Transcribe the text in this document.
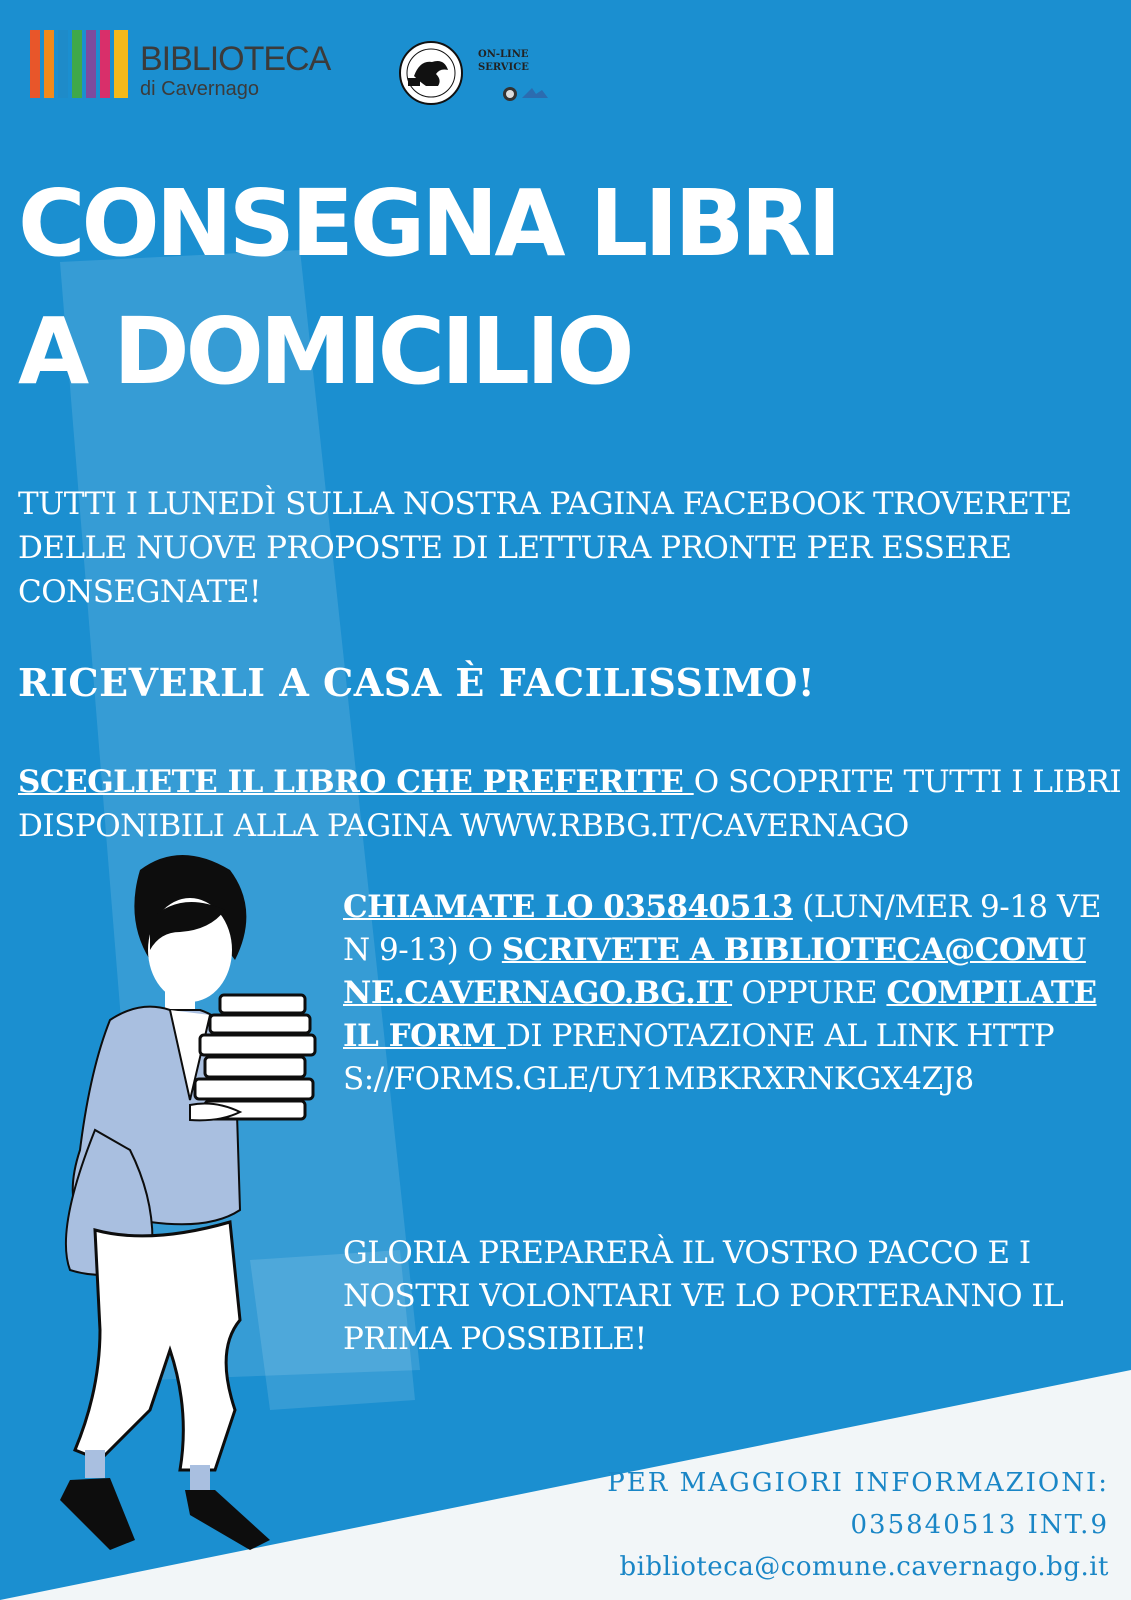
BIBLIOTECA
di Cavernago
ON-LINE
SERVICE
CONSEGNA LIBRI
A DOMICILIO
TUTTI I LUNEDÌ SULLA NOSTRA PAGINA FACEBOOK TROVERETE DELLE NUOVE PROPOSTE DI LETTURA PRONTE PER ESSERE CONSEGNATE!
RICEVERLI A CASA È FACILISSIMO!
SCEGLIETE IL LIBRO CHE PREFERITE O SCOPRITE TUTTI I LIBRI DISPONIBILI ALLA PAGINA WWW.RBBG.IT/CAVERNAGO
CHIAMATE LO 035840513 (LUN/MER 9-18 VEN 9-13) O SCRIVETE A BIBLIOTECA@COMUNE.CAVERNAGO.BG.IT OPPURE COMPILATE IL FORM DI PRENOTAZIONE AL LINK HTTPS://FORMS.GLE/UY1MBKRXRNKGX4ZJ8
GLORIA PREPARERÀ IL VOSTRO PACCO E I NOSTRI VOLONTARI VE LO PORTERANNO IL PRIMA POSSIBILE!
PER MAGGIORI INFORMAZIONI:
035840513 INT.9
biblioteca@comune.cavernago.bg.it
